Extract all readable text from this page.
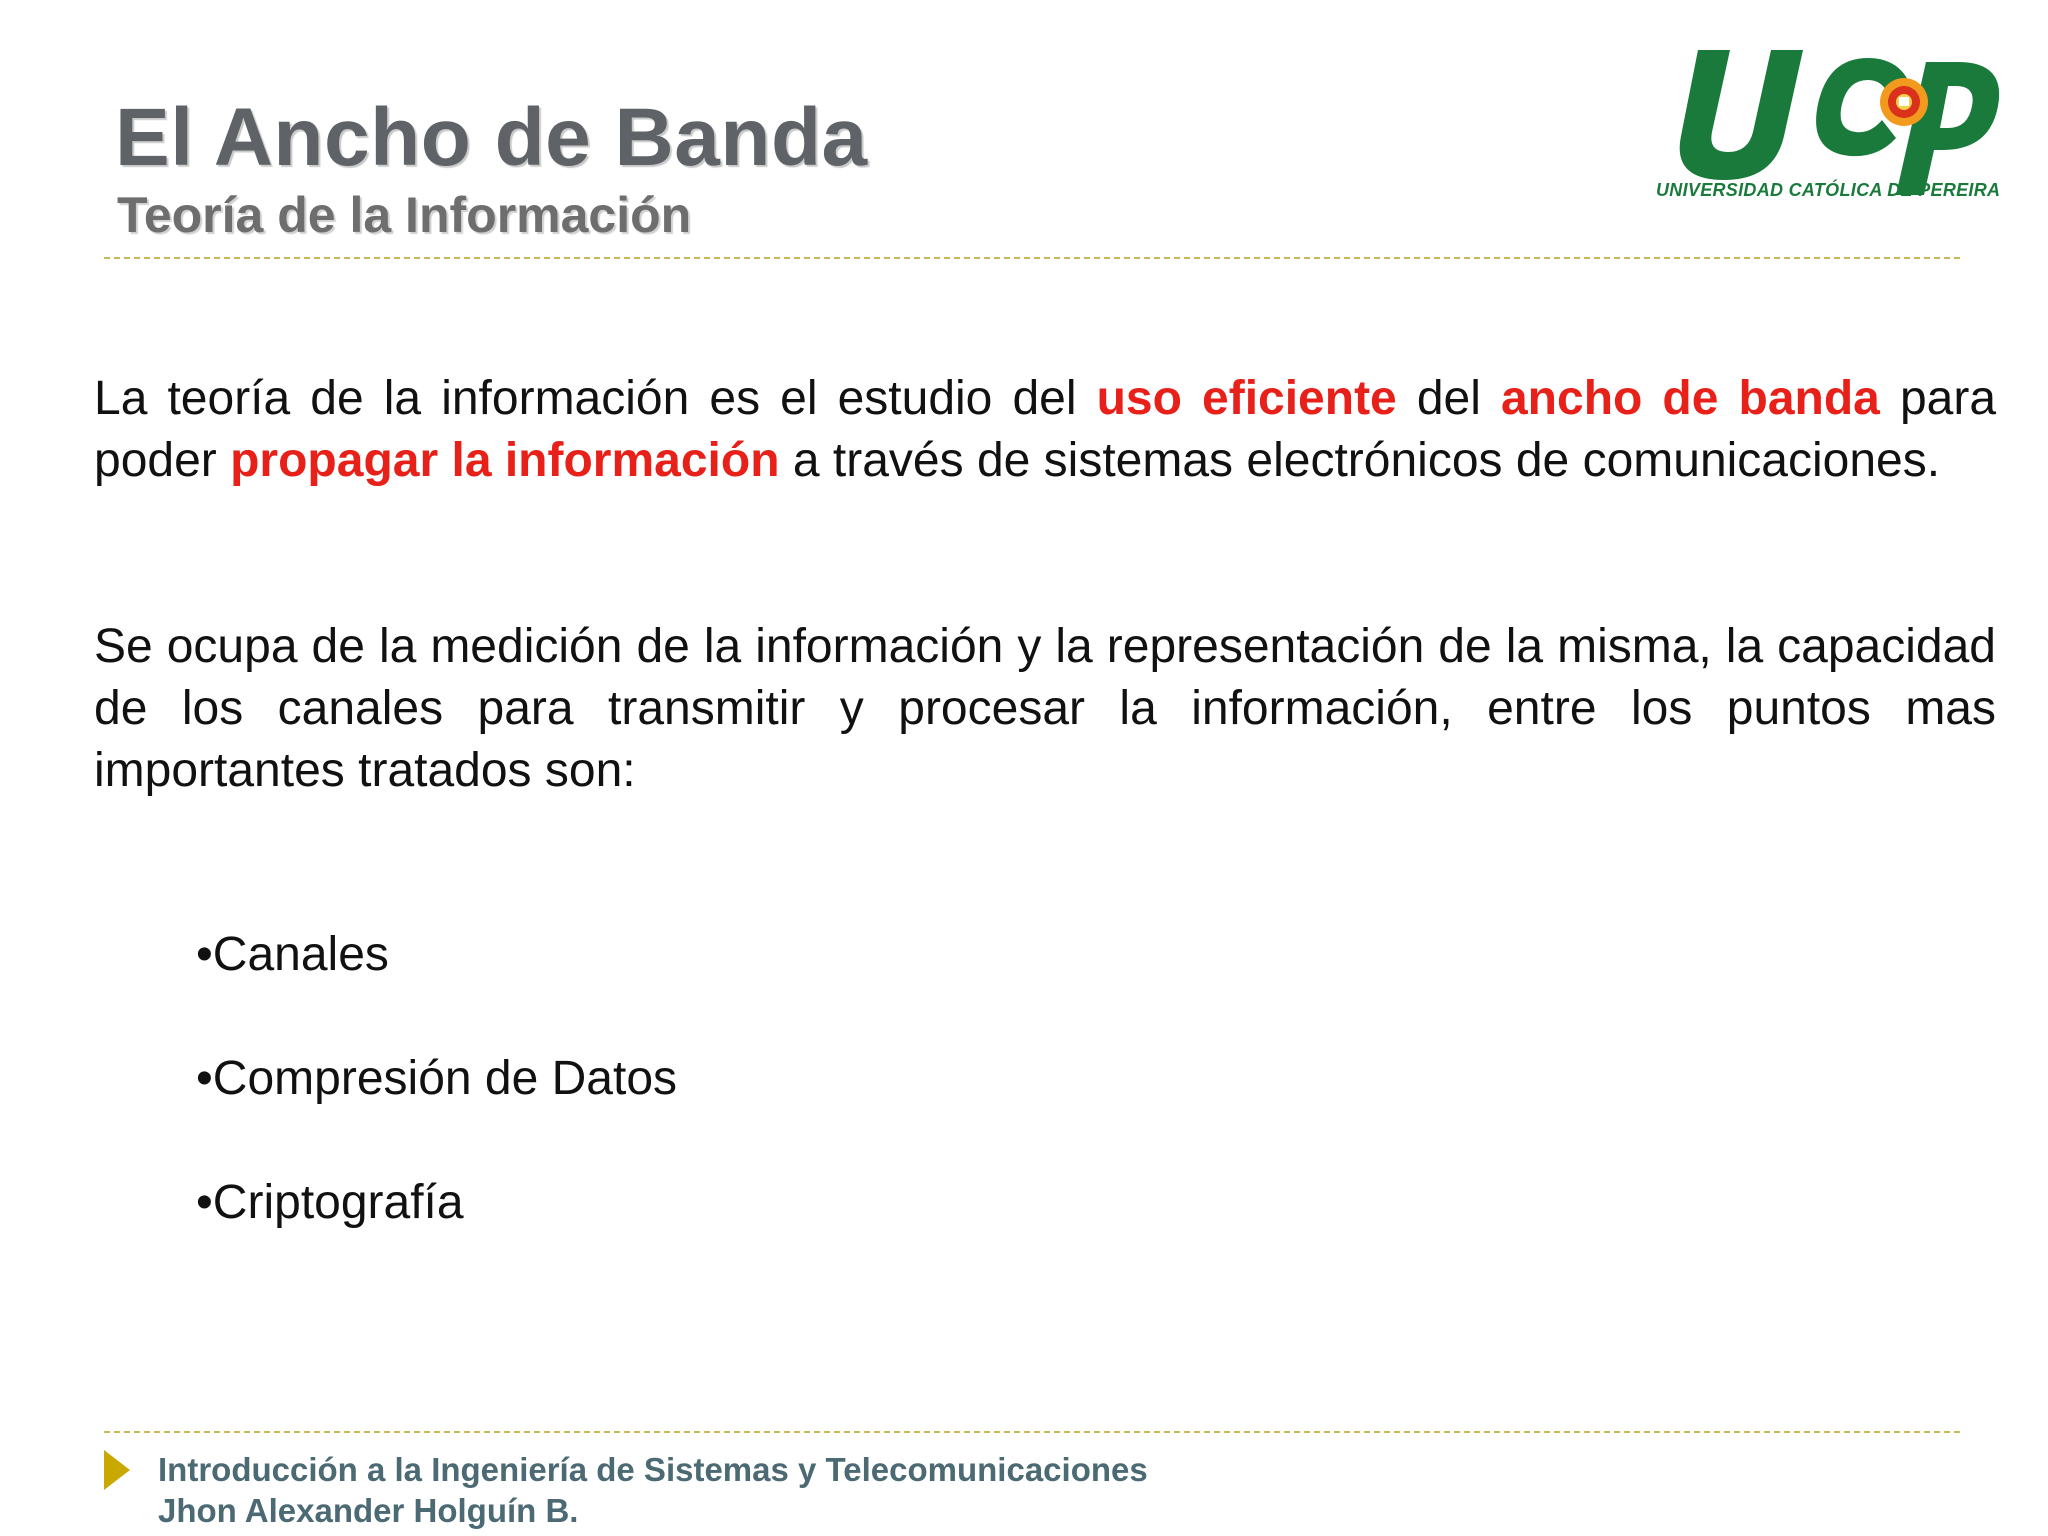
El Ancho de Banda
Teoría de la Información	UNIVERSIDAD CATÓLICA DE PEREIRA
La teoría de la información es el estudio del uso eficiente del ancho de banda para poder propagar la información a través de sistemas electrónicos de comunicaciones.
Se ocupa de la medición de la información y la representación de la misma, la capacidad de los canales para transmitir y procesar la información, entre los puntos mas importantes tratados son:
•Canales
•Compresión de Datos
•Criptografía
Introducción a la Ingeniería de Sistemas y Telecomunicaciones
Jhon Alexander Holguín B.
